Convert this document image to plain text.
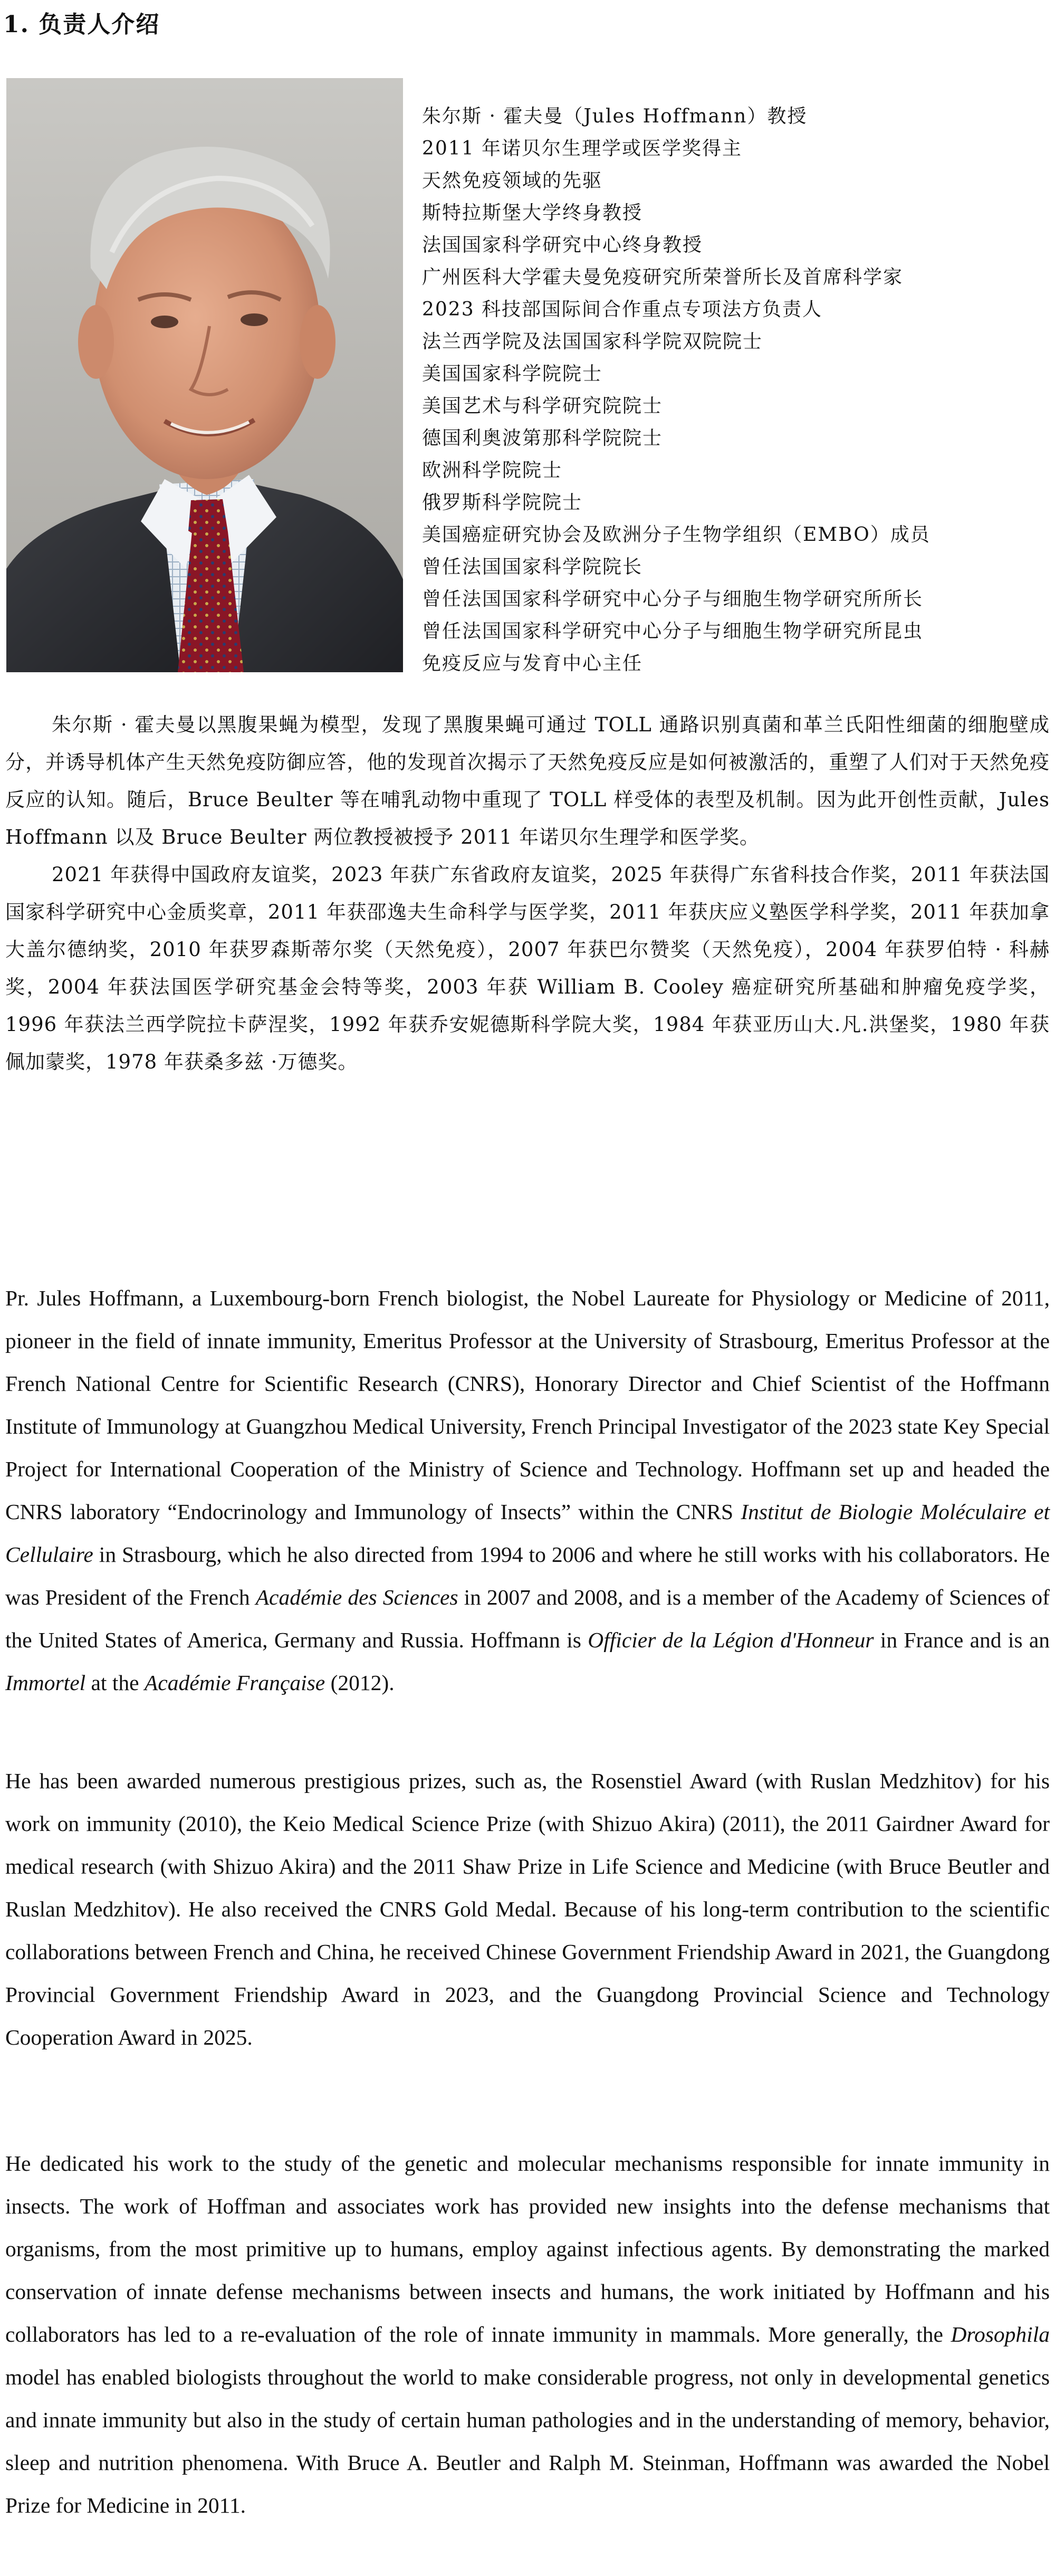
1. 负责人介绍
朱尔斯 · 霍夫曼（Jules Hoffmann）教授
2011 年诺贝尔生理学或医学奖得主
天然免疫领域的先驱
斯特拉斯堡大学终身教授
法国国家科学研究中心终身教授
广州医科大学霍夫曼免疫研究所荣誉所长及首席科学家
2023 科技部国际间合作重点专项法方负责人
法兰西学院及法国国家科学院双院院士
美国国家科学院院士
美国艺术与科学研究院院士
德国利奥波第那科学院院士
欧洲科学院院士
俄罗斯科学院院士
美国癌症研究协会及欧洲分子生物学组织（EMBO）成员
曾任法国国家科学院院长
曾任法国国家科学研究中心分子与细胞生物学研究所所长
曾任法国国家科学研究中心分子与细胞生物学研究所昆虫
免疫反应与发育中心主任

朱尔斯 · 霍夫曼以黑腹果蝇为模型，发现了黑腹果蝇可通过 TOLL 通路识别真菌和革兰氏阳性细菌的细胞壁成分，并诱导机体产生天然免疫防御应答，他的发现首次揭示了天然免疫反应是如何被激活的，重塑了人们对于天然免疫反应的认知。随后，Bruce Beulter 等在哺乳动物中重现了 TOLL 样受体的表型及机制。因为此开创性贡献，Jules Hoffmann 以及 Bruce Beulter 两位教授被授予 2011 年诺贝尔生理学和医学奖。

2021 年获得中国政府友谊奖，2023 年获广东省政府友谊奖，2025 年获得广东省科技合作奖，2011 年获法国国家科学研究中心金质奖章，2011 年获邵逸夫生命科学与医学奖，2011 年获庆应义塾医学科学奖，2011 年获加拿大盖尔德纳奖，2010 年获罗森斯蒂尔奖（天然免疫），2007 年获巴尔赞奖（天然免疫），2004 年获罗伯特 · 科赫奖，2004 年获法国医学研究基金会特等奖，2003 年获 William B. Cooley 癌症研究所基础和肿瘤免疫学奖，1996 年获法兰西学院拉卡萨涅奖，1992 年获乔安妮德斯科学院大奖，1984 年获亚历山大.凡.洪堡奖，1980 年获佩加蒙奖，1978 年获桑多兹 ·万德奖。

Pr. Jules Hoffmann, a Luxembourg-born French biologist, the Nobel Laureate for Physiology or Medicine of 2011, pioneer in the field of innate immunity, Emeritus Professor at the University of Strasbourg, Emeritus Professor at the French National Centre for Scientific Research (CNRS), Honorary Director and Chief Scientist of the Hoffmann Institute of Immunology at Guangzhou Medical University, French Principal Investigator of the 2023 state Key Special Project for International Cooperation of the Ministry of Science and Technology. Hoffmann set up and headed the CNRS laboratory “Endocrinology and Immunology of Insects” within the CNRS Institut de Biologie Moléculaire et Cellulaire in Strasbourg, which he also directed from 1994 to 2006 and where he still works with his collaborators. He was President of the French Académie des Sciences in 2007 and 2008, and is a member of the Academy of Sciences of the United States of America, Germany and Russia. Hoffmann is Officier de la Légion d'Honneur in France and is an Immortel at the Académie Française (2012).

He has been awarded numerous prestigious prizes, such as, the Rosenstiel Award (with Ruslan Medzhitov) for his work on immunity (2010), the Keio Medical Science Prize (with Shizuo Akira) (2011), the 2011 Gairdner Award for medical research (with Shizuo Akira) and the 2011 Shaw Prize in Life Science and Medicine (with Bruce Beutler and Ruslan Medzhitov). He also received the CNRS Gold Medal. Because of his long-term contribution to the scientific collaborations between French and China, he received Chinese Government Friendship Award in 2021, the Guangdong Provincial Government Friendship Award in 2023, and the Guangdong Provincial Science and Technology Cooperation Award in 2025.

He dedicated his work to the study of the genetic and molecular mechanisms responsible for innate immunity in insects. The work of Hoffman and associates work has provided new insights into the defense mechanisms that organisms, from the most primitive up to humans, employ against infectious agents. By demonstrating the marked conservation of innate defense mechanisms between insects and humans, the work initiated by Hoffmann and his collaborators has led to a re-evaluation of the role of innate immunity in mammals. More generally, the Drosophila model has enabled biologists throughout the world to make considerable progress, not only in developmental genetics and innate immunity but also in the study of certain human pathologies and in the understanding of memory, behavior, sleep and nutrition phenomena. With Bruce A. Beutler and Ralph M. Steinman, Hoffmann was awarded the Nobel Prize for Medicine in 2011.
